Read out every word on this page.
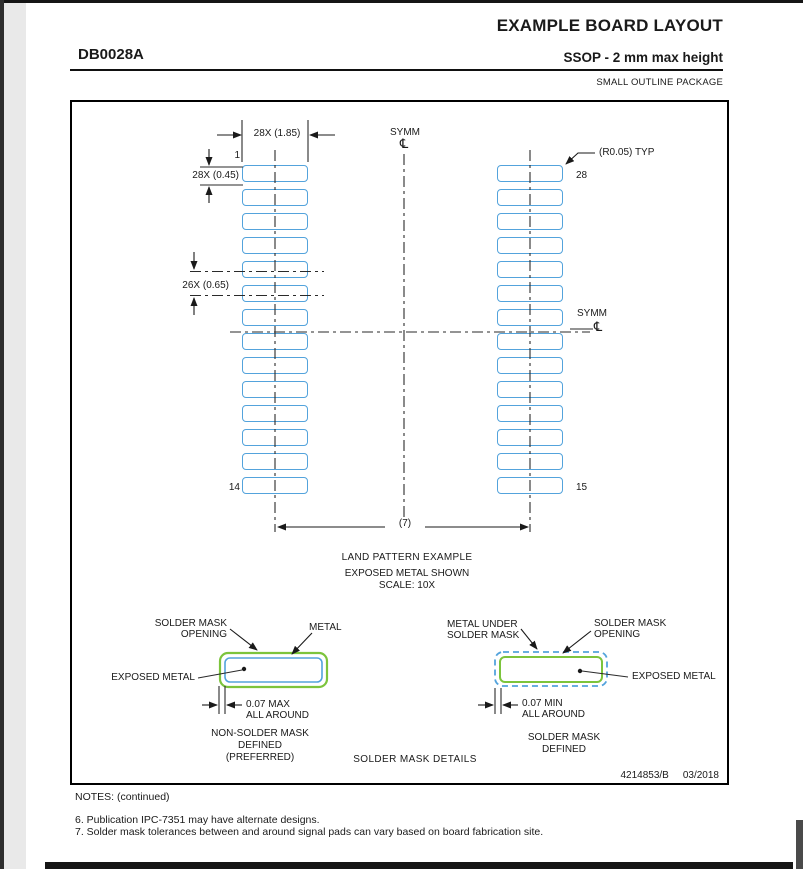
EXAMPLE BOARD LAYOUT
DB0028A	SSOP - 2 mm max height
SMALL OUTLINE PACKAGE
28X (1.85)
1
28X (0.45)
26X (0.65)
(R0.05) TYP
28
14	15
(7)
SYMM
℄
SYMM
℄
LAND PATTERN EXAMPLE
EXPOSED METAL SHOWN
SCALE: 10X
SOLDER MASK
OPENING
METAL
EXPOSED METAL
0.07 MAX
ALL AROUND
NON-SOLDER MASK
DEFINED
(PREFERRED)
METAL UNDER
SOLDER MASK
SOLDER MASK
OPENING
EXPOSED METAL
0.07 MIN
ALL AROUND
SOLDER MASK
DEFINED
SOLDER MASK DETAILS
4214853/B 03/2018
NOTES: (continued)
6. Publication IPC-7351 may have alternate designs.
7. Solder mask tolerances between and around signal pads can vary based on board fabrication site.
